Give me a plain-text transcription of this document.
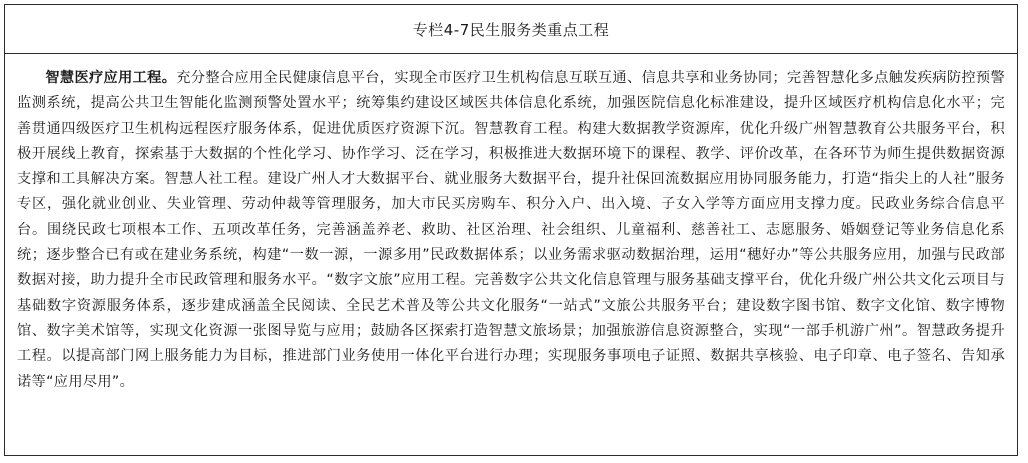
专栏4-7民生服务类重点工程
智慧医疗应用工程。充分整合应用全民健康信息平台，实现全市医疗卫生机构信息互联互通、信息共享和业务协同；完善智慧化多点触发疾病防控预警监测系统，提高公共卫生智能化监测预警处置水平；统筹集约建设区域医共体信息化系统，加强医院信息化标准建设，提升区域医疗机构信息化水平；完善贯通四级医疗卫生机构远程医疗服务体系，促进优质医疗资源下沉。智慧教育工程。构建大数据教学资源库，优化升级广州智慧教育公共服务平台，积极开展线上教育，探索基于大数据的个性化学习、协作学习、泛在学习，积极推进大数据环境下的课程、教学、评价改革，在各环节为师生提供数据资源支撑和工具解决方案。智慧人社工程。建设广州人才大数据平台、就业服务大数据平台，提升社保回流数据应用协同服务能力，打造“指尖上的人社”服务专区，强化就业创业、失业管理、劳动仲裁等管理服务，加大市民买房购车、积分入户、出入境、子女入学等方面应用支撑力度。民政业务综合信息平台。围绕民政七项根本工作、五项改革任务，完善涵盖养老、救助、社区治理、社会组织、儿童福利、慈善社工、志愿服务、婚姻登记等业务信息化系统；逐步整合已有或在建业务系统，构建“一数一源，一源多用”民政数据体系；以业务需求驱动数据治理，运用“穗好办”等公共服务应用，加强与民政部数据对接，助力提升全市民政管理和服务水平。“数字文旅”应用工程。完善数字公共文化信息管理与服务基础支撑平台，优化升级广州公共文化云项目与基础数字资源服务体系，逐步建成涵盖全民阅读、全民艺术普及等公共文化服务“一站式”文旅公共服务平台；建设数字图书馆、数字文化馆、数字博物馆、数字美术馆等，实现文化资源一张图导览与应用；鼓励各区探索打造智慧文旅场景；加强旅游信息资源整合，实现“一部手机游广州”。智慧政务提升工程。以提高部门网上服务能力为目标，推进部门业务使用一体化平台进行办理；实现服务事项电子证照、数据共享核验、电子印章、电子签名、告知承诺等“应用尽用”。
